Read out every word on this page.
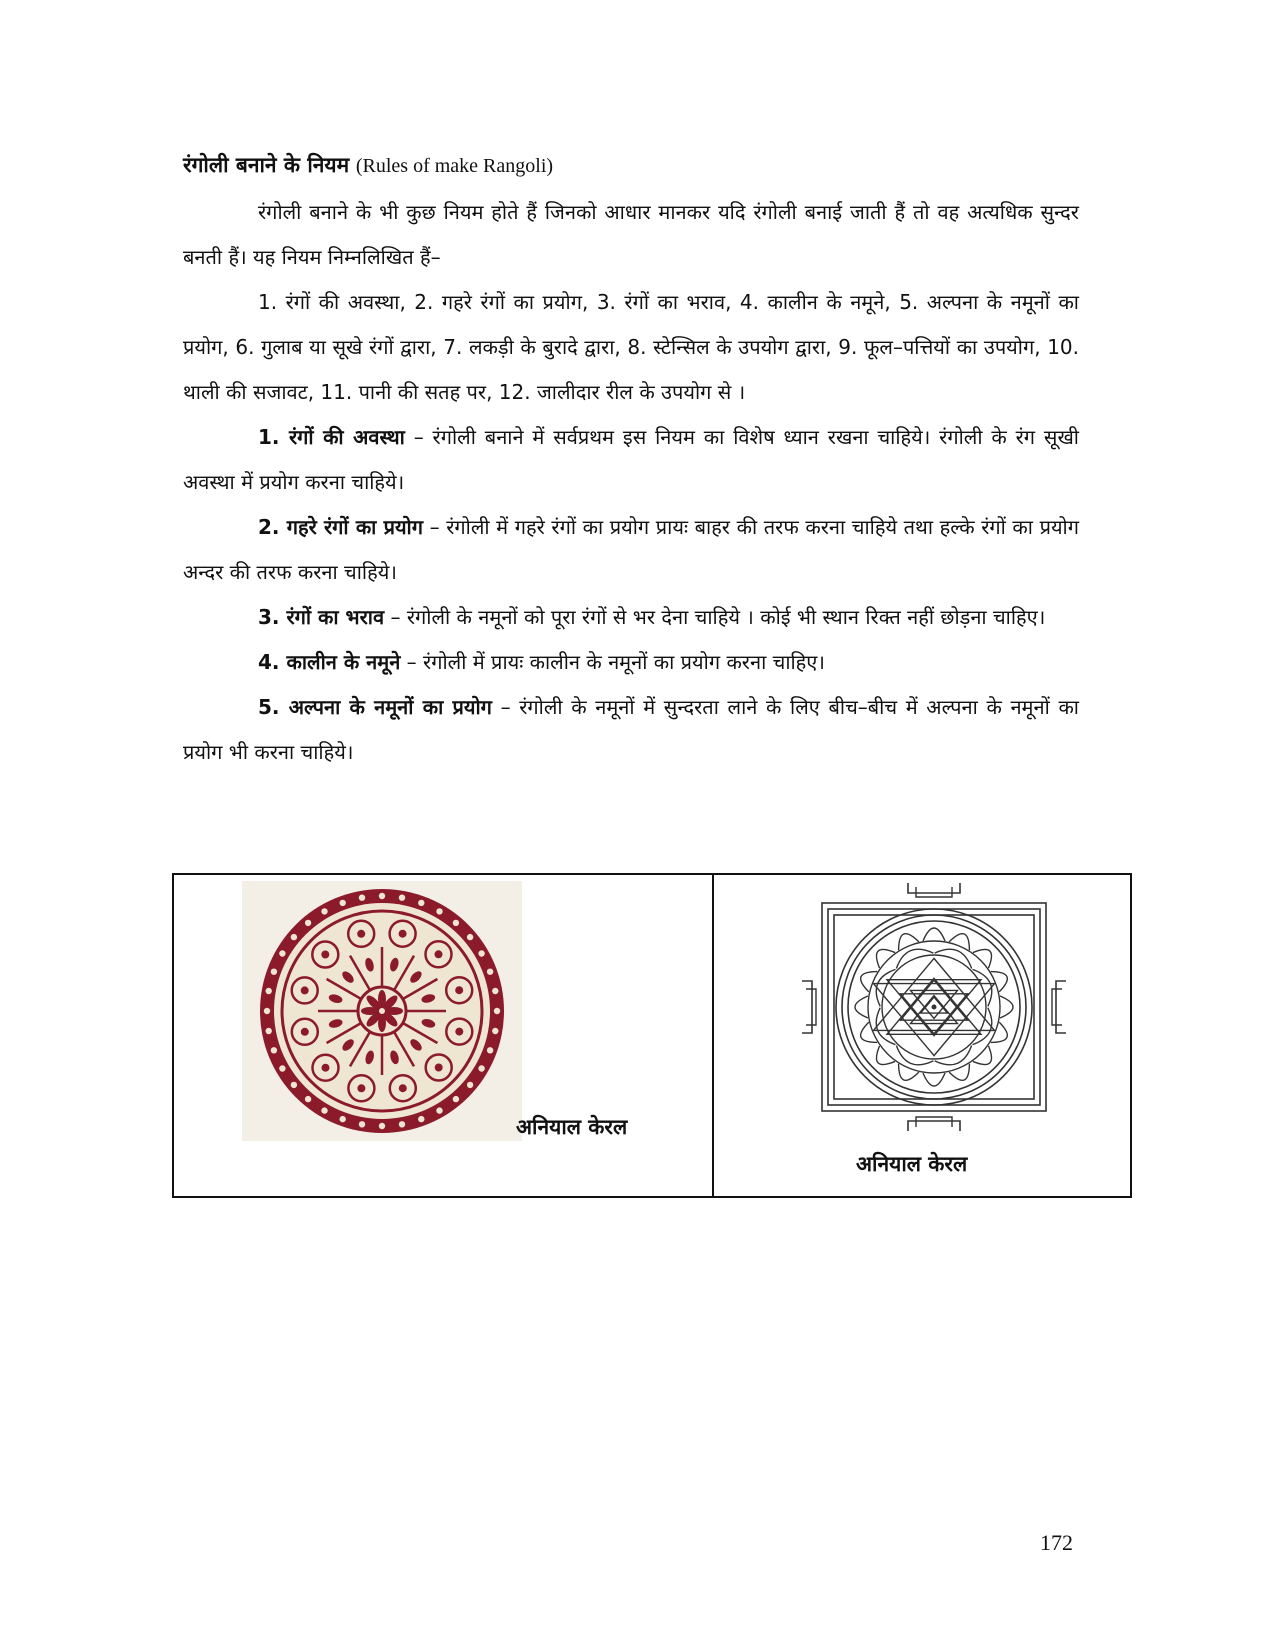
रंगोली बनाने के नियम (Rules of make Rangoli)

रंगोली बनाने के भी कुछ नियम होते हैं जिनको आधार मानकर यदि रंगोली बनाई जाती हैं तो वह अत्यधिक सुन्दर बनती हैं। यह नियम निम्नलिखित हैं–

1. रंगों की अवस्था, 2. गहरे रंगों का प्रयोग, 3. रंगों का भराव, 4. कालीन के नमूने, 5. अल्पना के नमूनों का प्रयोग, 6. गुलाब या सूखे रंगों द्वारा, 7. लकड़ी के बुरादे द्वारा, 8. स्टेन्सिल के उपयोग द्वारा, 9. फूल–पत्तियों का उपयोग, 10. थाली की सजावट, 11. पानी की सतह पर, 12. जालीदार रील के उपयोग से ।

1. रंगों की अवस्था – रंगोली बनाने में सर्वप्रथम इस नियम का विशेष ध्यान रखना चाहिये। रंगोली के रंग सूखी अवस्था में प्रयोग करना चाहिये।

2. गहरे रंगों का प्रयोग – रंगोली में गहरे रंगों का प्रयोग प्रायः बाहर की तरफ करना चाहिये तथा हल्के रंगों का प्रयोग अन्दर की तरफ करना चाहिये।

3. रंगों का भराव – रंगोली के नमूनों को पूरा रंगों से भर देना चाहिये । कोई भी स्थान रिक्त नहीं छोड़ना चाहिए।

4. कालीन के नमूने – रंगोली में प्रायः कालीन के नमूनों का प्रयोग करना चाहिए।

5. अल्पना के नमूनों का प्रयोग – रंगोली के नमूनों में सुन्दरता लाने के लिए बीच–बीच में अल्पना के नमूनों का प्रयोग भी करना चाहिये।

अनियाल केरल
अनियाल केरल
172
